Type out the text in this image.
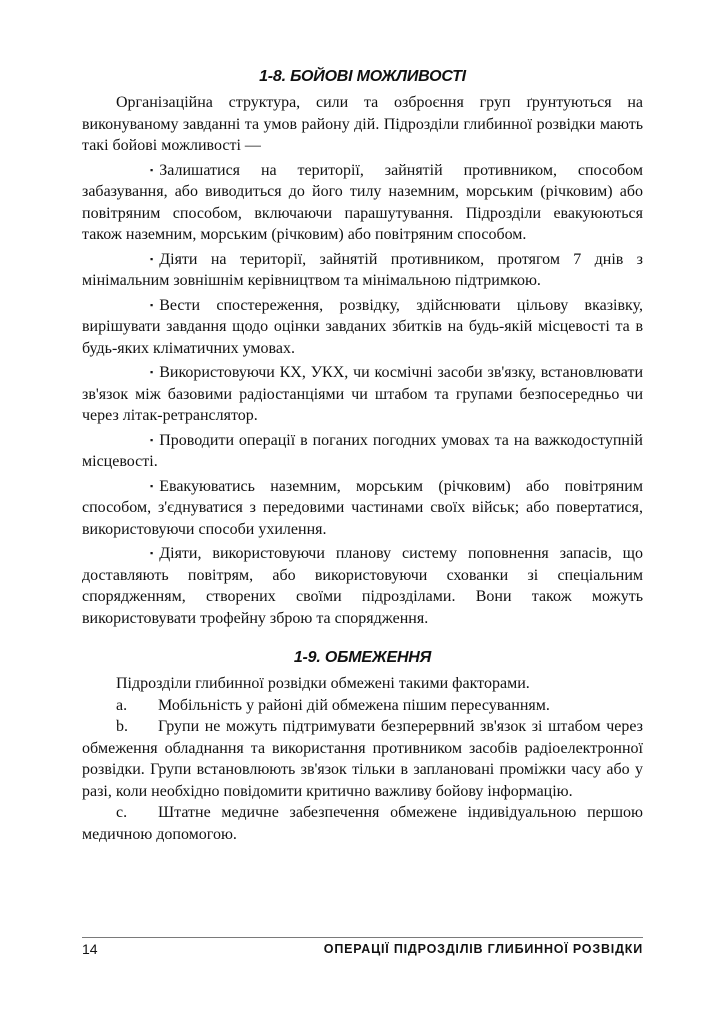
1-8. БОЙОВІ МОЖЛИВОСТІ

Організаційна структура, сили та озброєння груп ґрунтуються на виконуваному завданні та умов району дій. Підрозділи глибинної розвідки мають такі бойові можливості —

▪ Залишатися на території, зайнятій противником, способом забазування, або виводиться до його тилу наземним, морським (річковим) або повітряним способом, включаючи парашутування. Підрозділи евакуюються також наземним, морським (річковим) або повітряним способом.

▪ Діяти на території, зайнятій противником, протягом 7 днів з мінімальним зовнішнім керівництвом та мінімальною підтримкою.

▪ Вести спостереження, розвідку, здійснювати цільову вказівку, вирішувати завдання щодо оцінки завданих збитків на будь-якій місцевості та в будь-яких кліматичних умовах.

▪ Використовуючи КХ, УКХ, чи космічні засоби зв'язку, встановлювати зв'язок між базовими радіостанціями чи штабом та групами безпосередньо чи через літак-ретранслятор.

▪ Проводити операції в поганих погодних умовах та на важкодоступній місцевості.

▪ Евакуюватись наземним, морським (річковим) або повітряним способом, з'єднуватися з передовими частинами своїх військ; або повертатися, використовуючи способи ухилення.

▪ Діяти, використовуючи планову систему поповнення запасів, що доставляють повітрям, або використовуючи схованки зі спеціальним спорядженням, створених своїми підрозділами. Вони також можуть використовувати трофейну зброю та спорядження.

1-9. ОБМЕЖЕННЯ

Підрозділи глибинної розвідки обмежені такими факторами.

a. Мобільність у районі дій обмежена пішим пересуванням.

b. Групи не можуть підтримувати безперервний зв'язок зі штабом через обмеження обладнання та використання противником засобів радіоелектронної розвідки. Групи встановлюють зв'язок тільки в заплановані проміжки часу або у разі, коли необхідно повідомити критично важливу бойову інформацію.

c. Штатне медичне забезпечення обмежене індивідуальною першою медичною допомогою.

14	ОПЕРАЦІЇ ПІДРОЗДІЛІВ ГЛИБИННОЇ РОЗВІДКИ
